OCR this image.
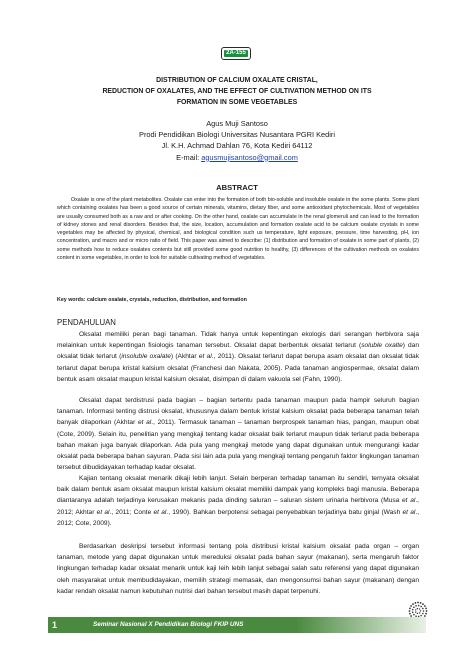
2A-155
DISTRIBUTION OF CALCIUM OXALATE CRISTAL,
REDUCTION OF OXALATES, AND THE EFFECT OF CULTIVATION METHOD ON ITS
FORMATION IN SOME VEGETABLES
Agus Muji Santoso
Prodi Pendidikan Biologi Universitas Nusantara PGRI Kediri
Jl. K.H. Achmad Dahlan 76, Kota Kediri 64112
E-mail: agusmujisantoso@gmail.com
ABSTRACT

Oxalate is one of the plant metabolites. Oxalate can enter into the formation of both bio-soluble and insoluble oxalate in the some plants. Some plant which containing oxalates has been a good source of certain minerals, vitamins, dietary fiber, and some antioxidant phytochemicals. Most of vegetables are usually consumed both as a raw and or after cooking. On the other hand, oxalate can accumulate in the renal glomeruli and can lead to the formation of kidney stones and renal disorders. Besides that, the size, location, accumulation and formation oxalate acid to be calcium oxalate crystals in some vegetables may be affected by physical, chemical, and biological condition such us temperature, light exposure, pressure, time harvesting, pH, ion concentration, and macro and or micro ratio of field. This paper was aimed to describe: (1) distribution and formation of oxalate in some part of plants, (2) some methods how to reduce oxalates contents but still provided some good nutrition to healthy, (3) differences of the cultivation methods on oxalates content in some vegetables, in order to look for suitable cultivating method of vegetables.

Key words: calcium oxalate, crystals, reduction, distribution, and formation
PENDAHULUAN

Oksalat memiliki peran bagi tanaman. Tidak hanya untuk kepentingan ekologis dari serangan herbivora saja melainkan untuk kepentingan fisiologis tanaman tersebut. Oksalat dapat berbentuk oksalat terlarut (soluble oxalte) dan oksalat tidak terlarut (insoluble oxalate) (Akhtar et al., 2011). Oksalat terlarut dapat berupa asam oksalat dan oksalat tidak terlarut dapat berupa kristal kalsium oksalat (Franchesi dan Nakata, 2005). Pada tanaman angiospermae, oksalat dalam bentuk asam oksalat maupun kristal kalsium oksalat, disimpan di dalam vakuola sel (Fahn, 1990).

Oksalat dapat terdistrusi pada bagian – bagian tertentu pada tanaman maupun pada hampir seluruh bagian tanaman. Informasi tenting distrusi oksalat, khususnya dalam bentuk kristal kalsium oksalat pada beberapa tanaman telah banyak dilaporkan (Akhtar et al., 2011). Termasuk tanaman – tanaman berprospek tanaman hias, pangan, maupun obat (Cote, 2009). Selain itu, penelitian yang mengkaji tentang kadar oksalat baik terlarut maupun tidak terlarut pada beberapa bahan makan juga banyak dilaporkan. Ada pula yang mengkaji metode yang dapat digunakan untuk mengurangi kadar oksalat pada beberapa bahan sayuran. Pada sisi lain ada pula yang mengkaji tentang pengaruh faktor lingkungan tanaman tersebut dibudidayakan terhadap kadar oksalat.

Kajian tentang oksalat menarik dikaji lebih lanjut. Selain berperan terhadap tanaman itu sendiri, ternyata oksalat baik dalam bentuk asam oksalat maupun kristal kalsium oksalat memiliki dampak yang kompleks bagi manusia. Beberapa diantaranya adalah terjadinya kerusakan mekanis pada dinding saluran – saluran sistem urinaria herbivora (Musa et al., 2012; Akhtar et al., 2011; Conte et al., 1990). Bahkan berpotensi sebagai penyebabkan terjadinya batu ginjal (Wash et al., 2012; Cote, 2009).

Berdasarkan deskripsi tersebut informasi tentang pola distribusi kristal kalsium oksalat pada organ – organ tanaman, metode yang dapat digunakan untuk mereduksi oksalat pada bahan sayur (makanan), serta mengaruh faktor lingkungan terhadap kadar oksalat menarik untuk kaji leih lebih lanjut sebagai salah satu referensi yang dapat digunakan oleh masyarakat untuk membudidayakan, memilih strategi memasak, dan mengonsumsi bahan sayur (makanan) dengan kadar rendah oksalat namun kebutuhan nutrisi dari bahan tersebut masih dapat terpenuhi.

1	Seminar Nasional X Pendidikan Biologi FKIP UNS
